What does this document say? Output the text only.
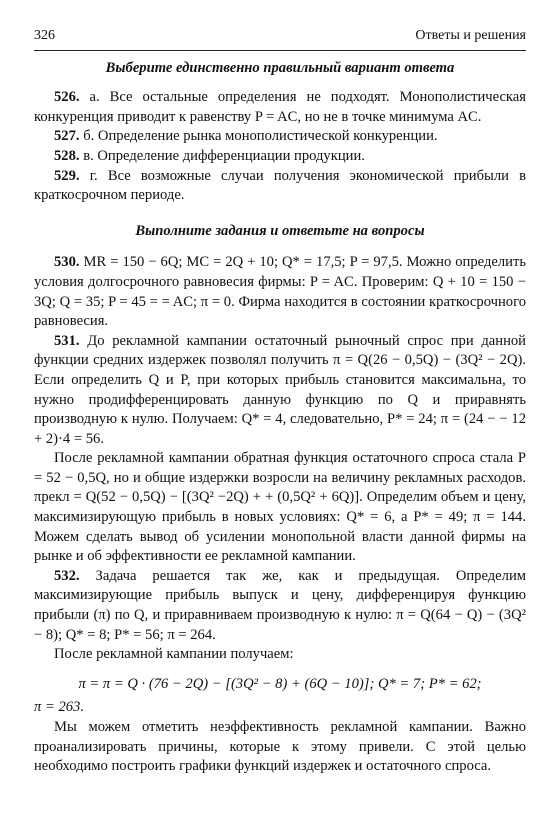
326	Ответы и решения
Выберите единственно правильный вариант ответа

526. а. Все остальные определения не подходят. Монополистическая конкуренция приводит к равенству P = AC, но не в точке минимума AC.

527. б. Определение рынка монополистической конкуренции.

528. в. Определение дифференциации продукции.

529. г. Все возможные случаи получения экономической прибыли в краткосрочном периоде.

Выполните задания и ответьте на вопросы

530. MR = 150 − 6Q; MC = 2Q + 10; Q* = 17,5; P = 97,5. Можно определить условия долгосрочного равновесия фирмы: P = AC. Проверим: Q + 10 = 150 − 3Q; Q = 35; P = 45 = = AC; π = 0. Фирма находится в состоянии краткосрочного равновесия.

531. До рекламной кампании остаточный рыночный спрос при данной функции средних издержек позволял получить π = Q(26 − 0,5Q) − (3Q² − 2Q). Если определить Q и P, при которых прибыль становится максимальна, то нужно продифференцировать данную функцию по Q и приравнять производную к нулю. Получаем: Q* = 4, следовательно, P* = 24; π = (24 − − 12 + 2)·4 = 56.

После рекламной кампании обратная функция остаточного спроса стала P = 52 − 0,5Q, но и общие издержки возросли на величину рекламных расходов. πрекл = Q(52 − 0,5Q) − [(3Q² −2Q) + + (0,5Q² + 6Q)]. Определим объем и цену, максимизирующую прибыль в новых условиях: Q* = 6, а P* = 49; π = 144. Можем сделать вывод об усилении монопольной власти данной фирмы на рынке и об эффективности ее рекламной кампании.

532. Задача решается так же, как и предыдущая. Определим максимизирующие прибыль выпуск и цену, дифференцируя функцию прибыли (π) по Q, и приравниваем производную к нулю: π = Q(64 − Q) − (3Q² − 8); Q* = 8; P* = 56; π = 264.

После рекламной кампании получаем:

π = π = Q · (76 − 2Q) − [(3Q² − 8) + (6Q − 10)]; Q* = 7; P* = 62;

π = 263.

Мы можем отметить неэффективность рекламной кампании. Важно проанализировать причины, которые к этому привели. С этой целью необходимо построить графики функций издержек и остаточного спроса.
